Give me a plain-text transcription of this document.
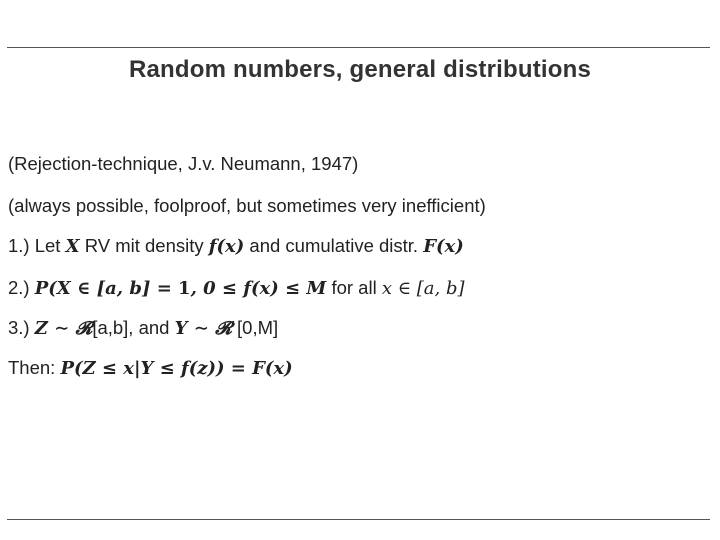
Random numbers, general distributions
(Rejection-technique, J.v. Neumann, 1947)
(always possible, foolproof, but sometimes very inefficient)
1.) Let X RV mit density f(x) and cumulative distr. F(x)
2.) P(X ∈ [a, b] = 1, 0 ≤ f(x) ≤ M for all x ∈ [a, b]
3.) Z ∼ 𝓡[a,b], and Y ∼ 𝓡 [0,M]
Then: P(Z ≤ x|Y ≤ f(z)) = F(x)
